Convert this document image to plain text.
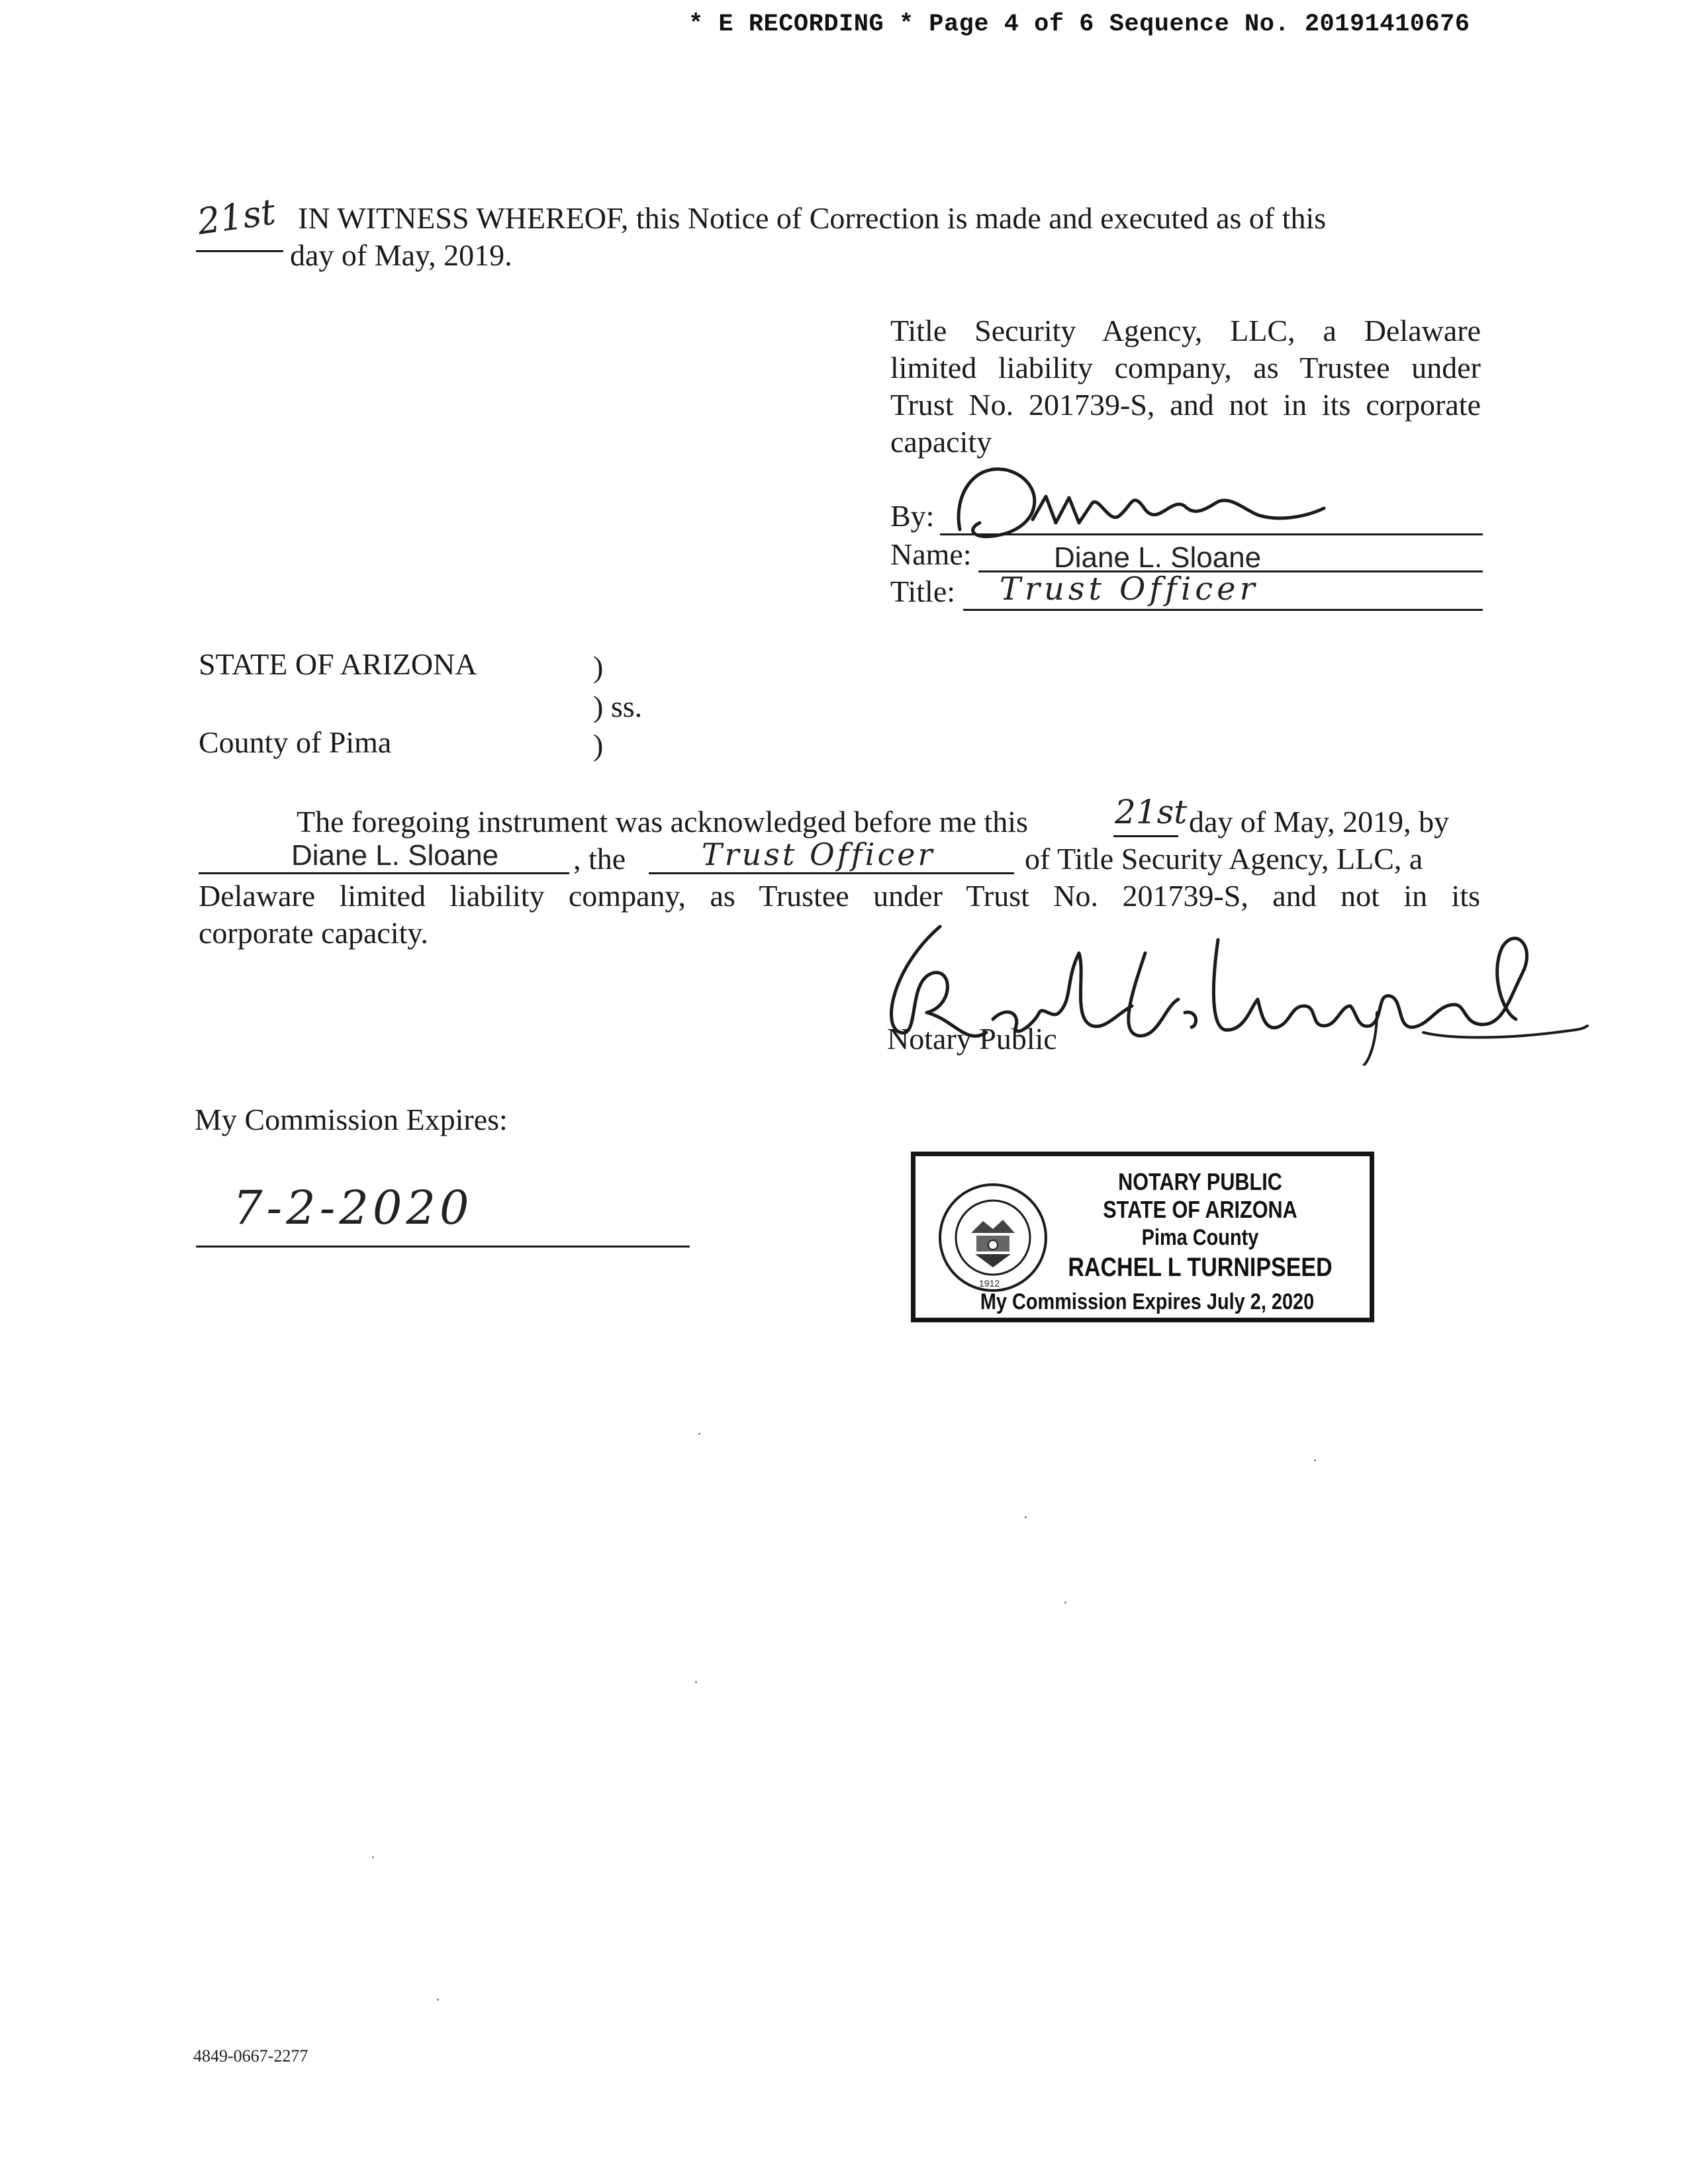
* E RECORDING * Page 4 of 6 Sequence No. 20191410676
21st IN WITNESS WHEREOF, this Notice of Correction is made and executed as of this
day of May, 2019.
Title Security Agency, LLC, a Delaware
limited liability company, as Trustee under
Trust No. 201739-S, and not in its corporate
capacity
By:
Name:	Diane L. Sloane
Title: Trust Officer
STATE OF ARIZONA	)
) ss.
County of Pima	)
The foregoing instrument was acknowledged before me this	21st day of May, 2019, by
Diane L. Sloane , the Trust Officer	of Title Security Agency, LLC, a
Delaware limited liability company, as Trustee under Trust No. 201739-S, and not in its
corporate capacity.
Notary Public
My Commission Expires:
7-2-2020
1912
NOTARY PUBLIC
STATE OF ARIZONA
Pima County
RACHEL L TURNIPSEED
My Commission Expires July 2, 2020
4849-0667-2277
